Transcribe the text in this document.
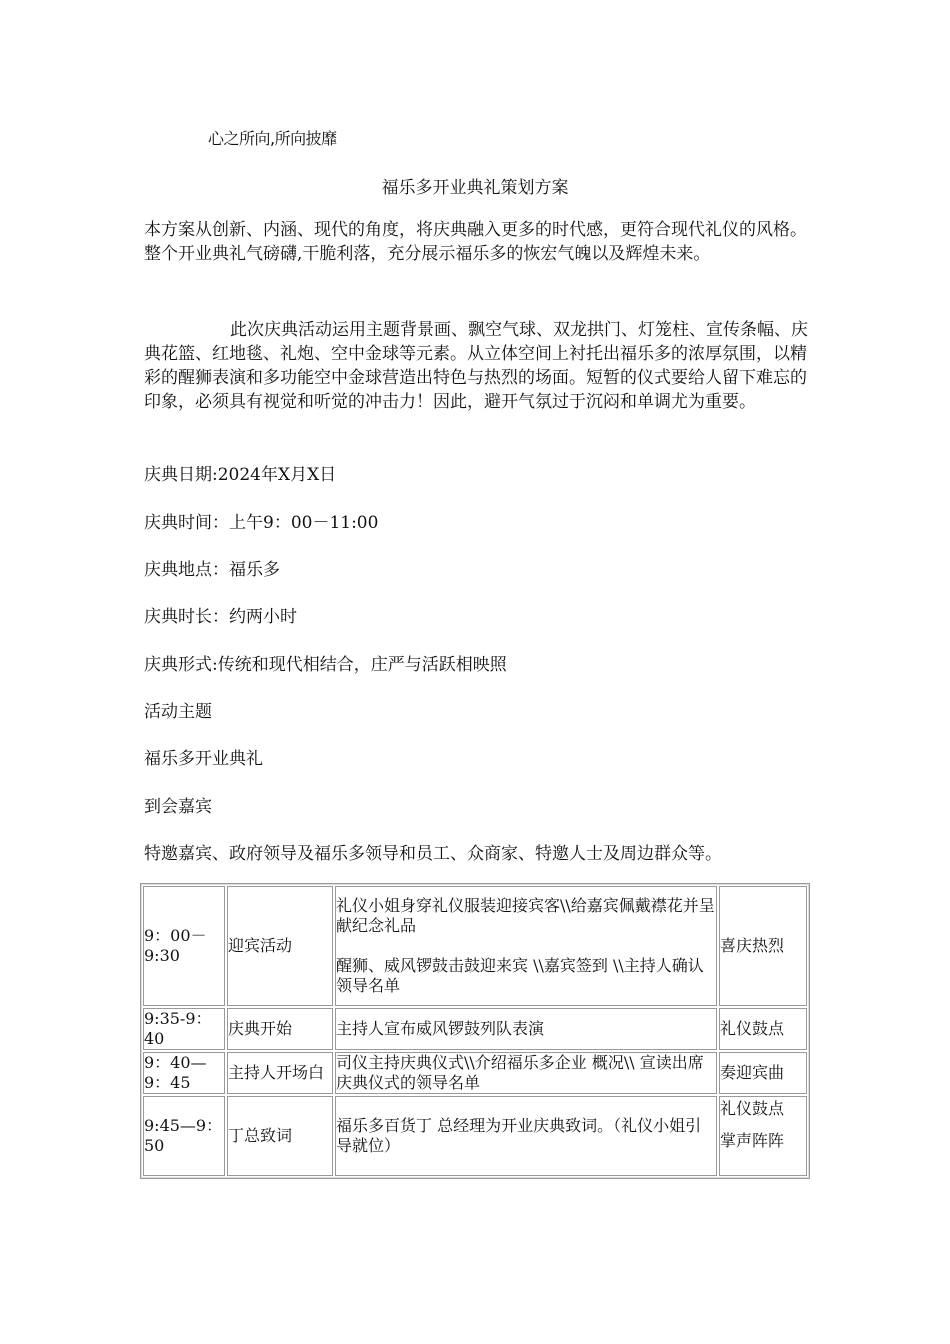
心之所向,所向披靡
福乐多开业典礼策划方案
本方案从创新、内涵、现代的角度，将庆典融入更多的时代感，更符合现代礼仪的风格。整个开业典礼气磅礴,干脆利落，充分展示福乐多的恢宏气魄以及辉煌未来。
此次庆典活动运用主题背景画、飘空气球、双龙拱门、灯笼柱、宣传条幅、庆典花篮、红地毯、礼炮、空中金球等元素。从立体空间上衬托出福乐多的浓厚氛围，以精彩的醒狮表演和多功能空中金球营造出特色与热烈的场面。短暂的仪式要给人留下难忘的印象，必须具有视觉和听觉的冲击力！因此，避开气氛过于沉闷和单调尤为重要。
庆典日期:2024年X月X日
庆典时间：上午9：00－11:00
庆典地点：福乐多
庆典时长：约两小时
庆典形式:传统和现代相结合，庄严与活跃相映照
活动主题
福乐多开业典礼
到会嘉宾
特邀嘉宾、政府领导及福乐多领导和员工、众商家、特邀人士及周边群众等。
9：00－9:30	迎宾活动	礼仪小姐身穿礼仪服装迎接宾客\\给嘉宾佩戴襟花并呈献纪念礼品
醒狮、威风锣鼓击鼓迎来宾 \\嘉宾签到 \\主持人确认领导名单	喜庆热烈
9:35-9：40	庆典开始	主持人宣布威风锣鼓列队表演	礼仪鼓点
9：40—9：45	主持人开场白	司仪主持庆典仪式\\介绍福乐多企业 概况\\ 宣读出席庆典仪式的领导名单	奏迎宾曲
9:45—9：50	丁总致词	福乐多百货丁 总经理为开业庆典致词。（礼仪小姐引导就位）	礼仪鼓点
掌声阵阵
